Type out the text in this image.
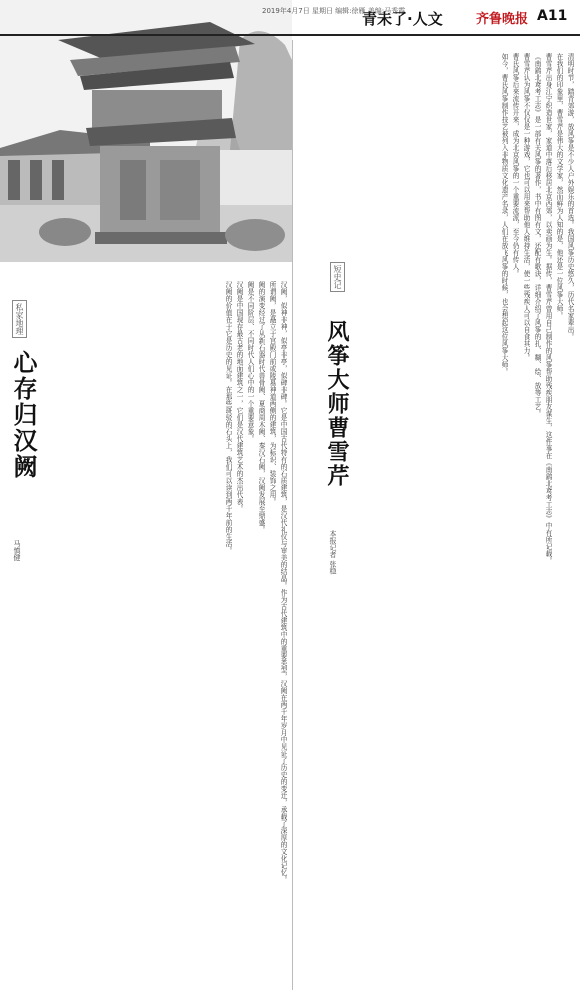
2019年4月7日 星期日 编辑:徐雁 美编:马秀霞
青未了·人文	齐鲁晚报 A11
私家地理
心存归汉阙
马慎健	汉阙，似神非神，似亭非亭，似碑非碑。它是中国古代特有的石质建筑，是汉代礼仪与审美的结晶。作为古代建筑中的重要类型，汉阙在两千年岁月中见证了历史的变迁，承载了深厚的文化记忆。

所谓阙，是矗立于宫殿门前或陵墓神道两侧的建筑，为标识、装饰之用。

阙的演变经过了从新石器时代兽骨阙、夏商周木阙、秦汉石阙，汉阙发展至鼎盛。

阙是不同阶层、不同时代人们心中的一个重要意象。

汉阙是中国现存最古老的地面建筑之一，它们是汉代建筑艺术的杰出代表。

汉阙的价值在于它是历史的见证。在那些斑驳的石头上，我们可以读到两千年前的生活。

短史记
风筝大师曹雪芹
本报记者 张稳

清明时节，踏青郊游，放风筝是不少人户外娱乐的首选。我国风筝历史悠久，历代名家辈出。

在我们的印象里，曹雪芹是伟大的文学家，然而鲜为人知的是，他还是一位风筝大师。

曹雪芹出身江宁织造世家，家道中落后移居北京西郊，以卖画为生。据传，曹雪芹曾用自己制作的风筝帮助残疾朋友谋生，这件事在《南鹞北鸢考工志》中有所记载。

《南鹞北鸢考工志》是一部有关风筝的著作，书中有图有文，还配有歌诀，详细介绍了风筝的扎、糊、绘、放等工艺。

曹雪芹认为风筝不仅仅是一种游戏，它也可以用来帮助他人维持生活，使一些残疾人可以自食其力。

曹氏风筝后来流传开来，成为北京风筝的一个重要流派，至今仍有传人。

如今，曹氏风筝制作技艺被列入非物质文化遗产名录，人们在放飞风筝的时候，也会想起这位风筝大师。
